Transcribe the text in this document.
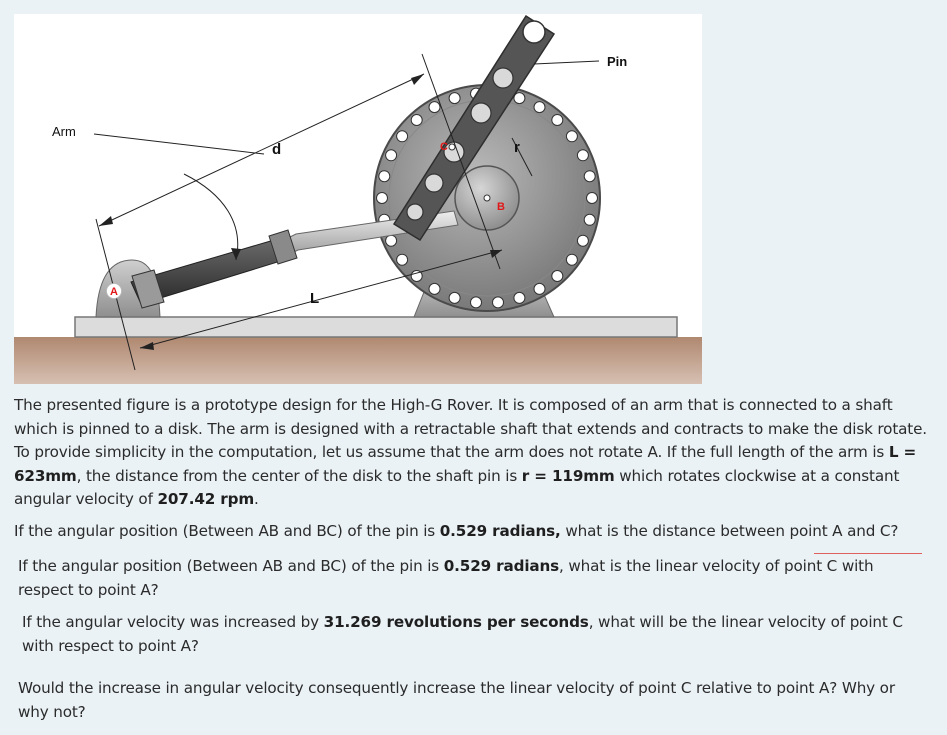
A
B
C
Arm
Pin
d	r
L

The presented figure is a prototype design for the High-G Rover. It is composed of an arm that is connected to a shaft which is pinned to a disk. The arm is designed with a retractable shaft that extends and contracts to make the disk rotate. To provide simplicity in the computation, let us assume that the arm does not rotate A. If the full length of the arm is L = 623mm, the distance from the center of the disk to the shaft pin is r = 119mm which rotates clockwise at a constant angular velocity of 207.42 rpm.

If the angular position (Between AB and BC) of the pin is 0.529 radians, what is the distance between point A and C?

If the angular position (Between AB and BC) of the pin is 0.529 radians, what is the linear velocity of point C with respect to point A?

If the angular velocity was increased by 31.269 revolutions per seconds, what will be the linear velocity of point C with respect to point A?

Would the increase in angular velocity consequently increase the linear velocity of point C relative to point A? Why or why not?
